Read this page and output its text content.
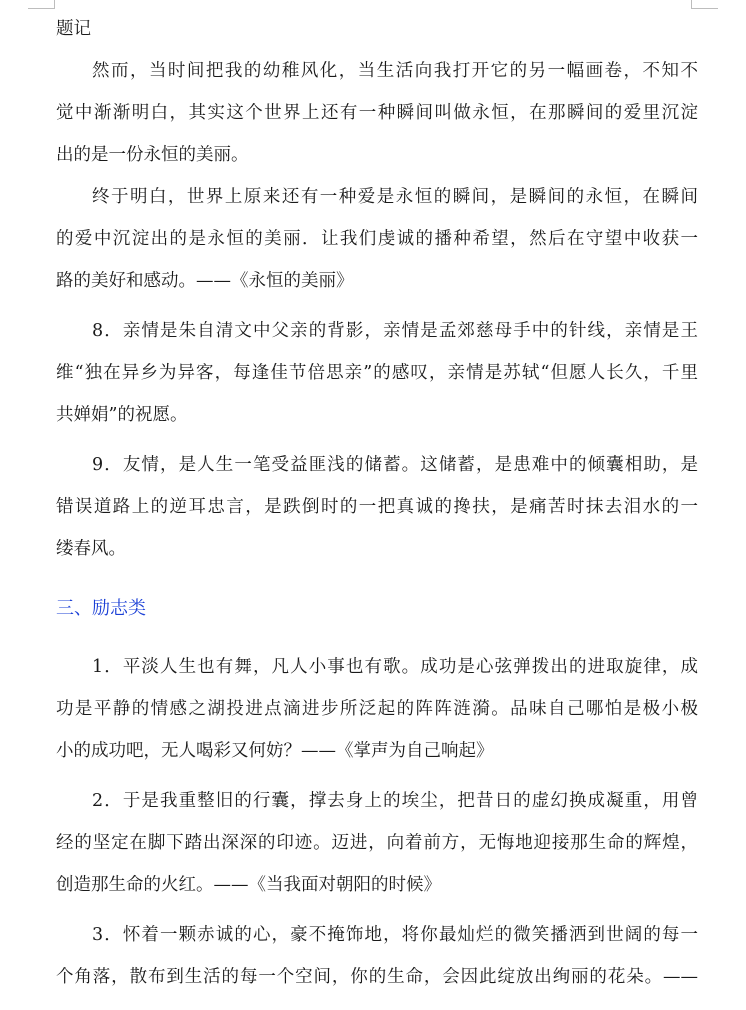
题记

然而，当时间把我的幼稚风化，当生活向我打开它的另一幅画卷，不知不

觉中渐渐明白，其实这个世界上还有一种瞬间叫做永恒，在那瞬间的爱里沉淀

出的是一份永恒的美丽。

终于明白，世界上原来还有一种爱是永恒的瞬间，是瞬间的永恒，在瞬间

的爱中沉淀出的是永恒的美丽．让我们虔诚的播种希望，然后在守望中收获一

路的美好和感动。——《永恒的美丽》

8．亲情是朱自清文中父亲的背影，亲情是孟郊慈母手中的针线，亲情是王

维“独在异乡为异客，每逢佳节倍思亲”的感叹，亲情是苏轼“但愿人长久，千里

共婵娟”的祝愿。

9．友情，是人生一笔受益匪浅的储蓄。这储蓄，是患难中的倾囊相助，是

错误道路上的逆耳忠言，是跌倒时的一把真诚的搀扶，是痛苦时抹去泪水的一

缕春风。

三、励志类

1．平淡人生也有舞，凡人小事也有歌。成功是心弦弹拨出的进取旋律，成

功是平静的情感之湖投进点滴进步所泛起的阵阵涟漪。品味自己哪怕是极小极

小的成功吧，无人喝彩又何妨？——《掌声为自己响起》

2．于是我重整旧的行囊，撑去身上的埃尘，把昔日的虚幻换成凝重，用曾

经的坚定在脚下踏出深深的印迹。迈进，向着前方，无悔地迎接那生命的辉煌，

创造那生命的火红。——《当我面对朝阳的时候》

3．怀着一颗赤诚的心，豪不掩饰地，将你最灿烂的微笑播洒到世阔的每一

个角落，散布到生活的每一个空间，你的生命，会因此绽放出绚丽的花朵。——
